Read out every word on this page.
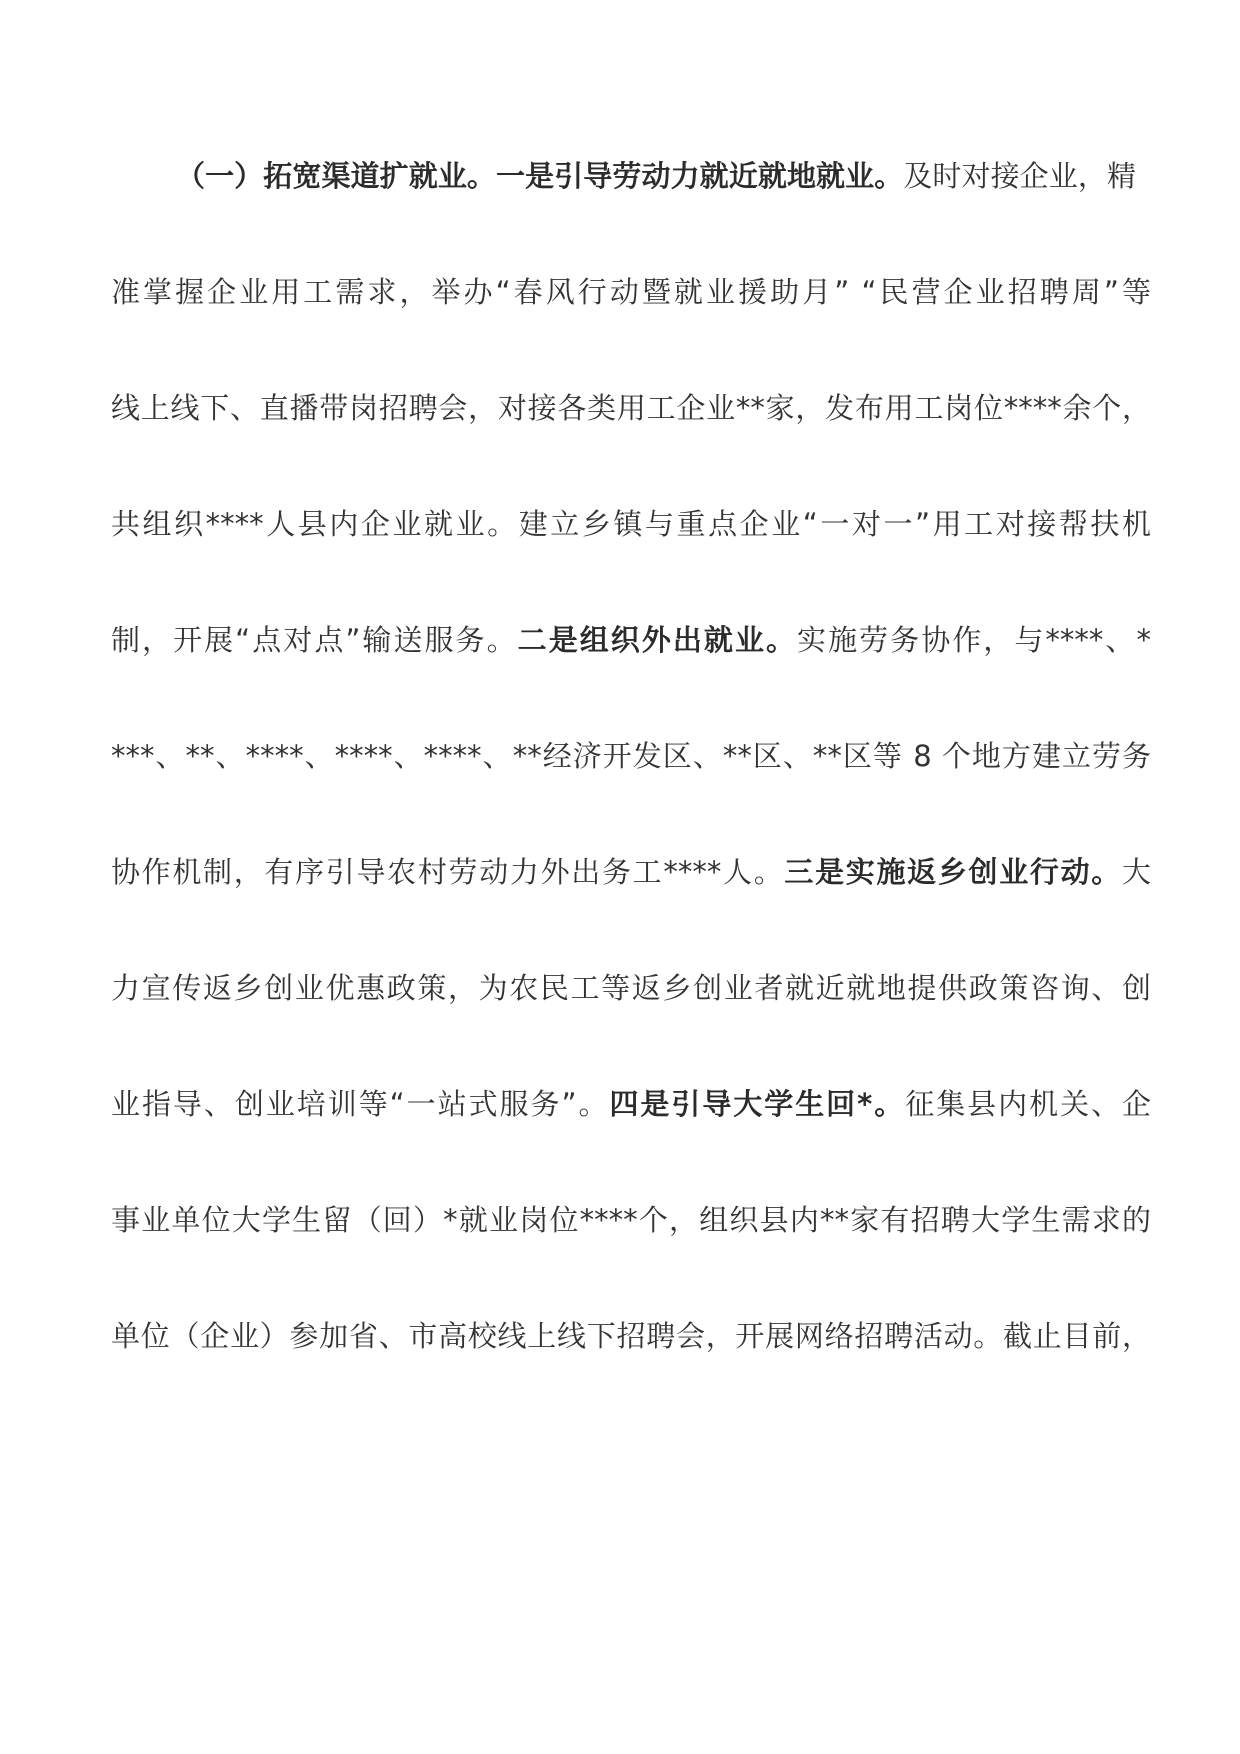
（一）拓宽渠道扩就业。一是引导劳动力就近就地就业。及时对接企业，精

准掌握企业用工需求，举办“春风行动暨就业援助月” “民营企业招聘周”等

线上线下、直播带岗招聘会，对接各类用工企业**家，发布用工岗位****余个，

共组织****人县内企业就业。建立乡镇与重点企业“一对一”用工对接帮扶机

制，开展“点对点”输送服务。二是组织外出就业。实施劳务协作，与****、*

***、**、****、****、****、**经济开发区、**区、**区等 8 个地方建立劳务

协作机制，有序引导农村劳动力外出务工****人。三是实施返乡创业行动。大

力宣传返乡创业优惠政策，为农民工等返乡创业者就近就地提供政策咨询、创

业指导、创业培训等“一站式服务”。四是引导大学生回*。征集县内机关、企

事业单位大学生留（回）*就业岗位****个，组织县内**家有招聘大学生需求的

单位（企业）参加省、市高校线上线下招聘会，开展网络招聘活动。截止目前，
